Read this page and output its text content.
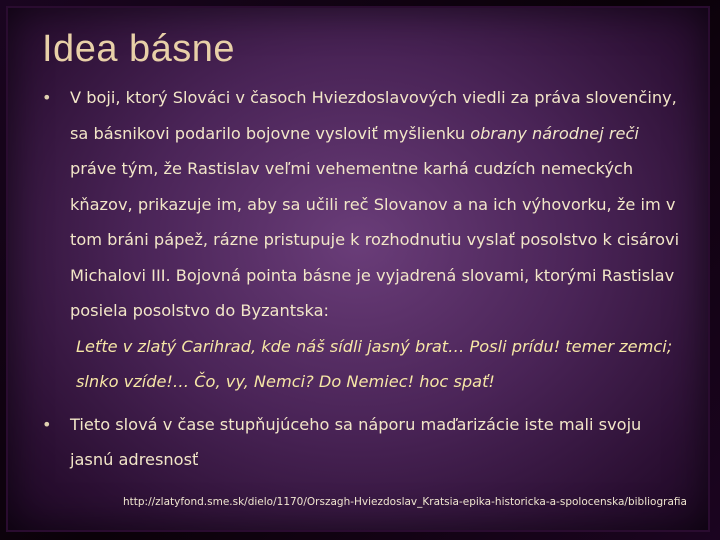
Idea básne
• V boji, ktorý Slováci v časoch Hviezdoslavových viedli za práva slovenčiny, sa básnikovi podarilo bojovne vysloviť myšlienku obrany národnej reči práve tým, že Rastislav veľmi vehementne karhá cudzích nemeckých kňazov, prikazuje im, aby sa učili reč Slovanov a na ich výhovorku, že im v tom bráni pápež, rázne pristupuje k rozhodnutiu vyslať posolstvo k cisárovi Michalovi III. Bojovná pointa básne je vyjadrená slovami, ktorými Rastislav posiela posolstvo do Byzantska:

Leťte v zlatý Carihrad, kde náš sídli jasný brat… Posli prídu! temer zemci;

slnko vzíde!… Čo, vy, Nemci? Do Nemiec! hoc spať!

• Tieto slová v čase stupňujúceho sa náporu maďarizácie iste mali svoju jasnú adresnosť
http://zlatyfond.sme.sk/dielo/1170/Orszagh-Hviezdoslav_Kratsia-epika-historicka-a-spolocenska/bibliografia
